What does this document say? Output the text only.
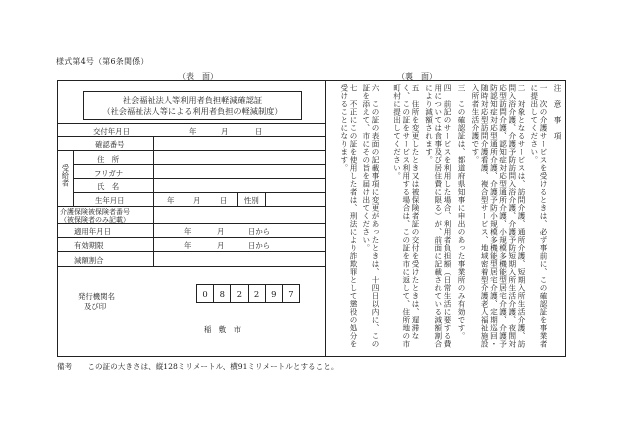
様式第4号（第6条関係）
（表　面）	（裏　面）
社会福祉法人等利用者負担軽減確認証
（社会福祉法人等による利用者負担の軽減制度）
交付年月日	年	月	日
確認番号
受給者
住　所
フリガナ
氏　名
生年月日	年	月	日 性別
介護保険被保険者番号
（被保険者のみ記載）
適用年月日	年	月	日から
有効期限	年	月	日から
減額割合
発行機関名
及び印
0	8	2	2	9	7
稲　敷　市
注　意　事　項
一　次の介護サービスを受けるときは、必ず事前に、この確認証を事業者に提出してください。
二　対象となるサービスは、訪問介護、通所介護、短期入所生活介護、訪問入浴介護、介護予防訪問入浴介護、介護予防短期入所生活介護、夜間対応型訪問介護、認知症対応型通所介護、小規模多機能型居宅介護、介護予防認知症対応型通所介護、介護予防小規模多機能型居宅介護、定期巡回・随時対応型訪問介護看護、複合型サービス、地域密着型介護老人福祉施設入所者生活介護です。
三　この確認証は、都道府県知事に申出のあった事業所のみ有効です。
四　前記のサービスを利用した場合、利用者負担額（日常生活に要する費用については食事及び居住費に限る）が、前面に記載されている減額割合により減額されます。
五　住所を変更したとき又は被保険者証の交付を受けたときは、遅滞なく、この証をサービス利用する場合は、この証を市に返して、住所地の市町村に提出してください。
六　この証の表面の記載事項に変更があったときは、十四日以内に、この証を添えて、市にその旨を届け出てください。
七　不正にこの証を使用した者は、刑法により詐欺罪として懲役の処分を受けることになります。
備考　　この証の大きさは、縦128ミリメートル、横91ミリメートルとすること。
